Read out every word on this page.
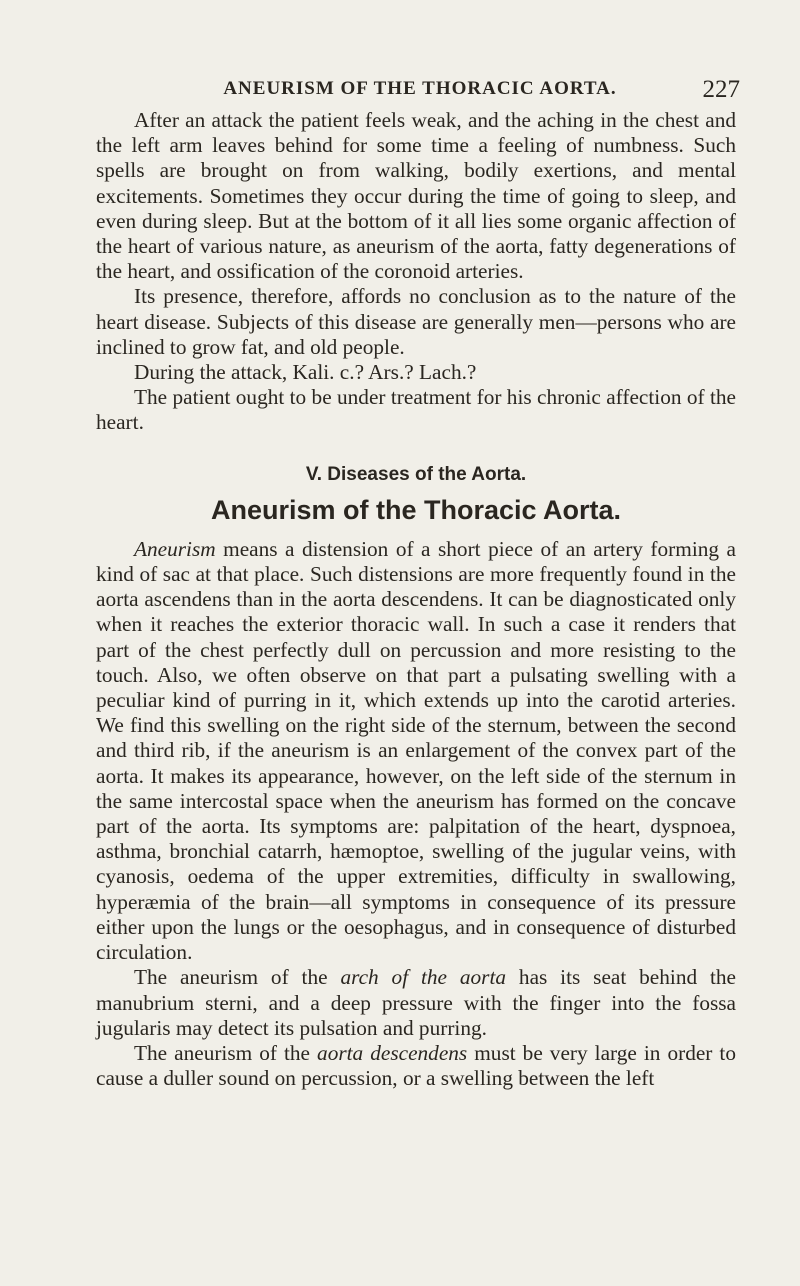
ANEURISM OF THE THORACIC AORTA.	227

After an attack the patient feels weak, and the aching in the chest and the left arm leaves behind for some time a feeling of numbness. Such spells are brought on from walking, bodily exertions, and mental excitements. Sometimes they occur during the time of going to sleep, and even during sleep. But at the bottom of it all lies some organic affection of the heart of various nature, as aneurism of the aorta, fatty degenerations of the heart, and ossification of the coronoid arteries.

Its presence, therefore, affords no conclusion as to the nature of the heart disease. Subjects of this disease are generally men—persons who are inclined to grow fat, and old people.

During the attack, Kali. c.? Ars.? Lach.?

The patient ought to be under treatment for his chronic affection of the heart.

V. Diseases of the Aorta.
Aneurism of the Thoracic Aorta.

Aneurism means a distension of a short piece of an artery forming a kind of sac at that place. Such distensions are more frequently found in the aorta ascendens than in the aorta descendens. It can be diagnosticated only when it reaches the exterior thoracic wall. In such a case it renders that part of the chest perfectly dull on percussion and more resisting to the touch. Also, we often observe on that part a pulsating swelling with a peculiar kind of purring in it, which extends up into the carotid arteries. We find this swelling on the right side of the sternum, between the second and third rib, if the aneurism is an enlargement of the convex part of the aorta. It makes its appearance, however, on the left side of the sternum in the same intercostal space when the aneurism has formed on the concave part of the aorta. Its symptoms are: palpitation of the heart, dyspnoea, asthma, bronchial catarrh, hæmoptoe, swelling of the jugular veins, with cyanosis, oedema of the upper extremities, difficulty in swallowing, hyperæmia of the brain—all symptoms in consequence of its pressure either upon the lungs or the oesophagus, and in consequence of disturbed circulation.

The aneurism of the arch of the aorta has its seat behind the manubrium sterni, and a deep pressure with the finger into the fossa jugularis may detect its pulsation and purring.

The aneurism of the aorta descendens must be very large in order to cause a duller sound on percussion, or a swelling between the left
